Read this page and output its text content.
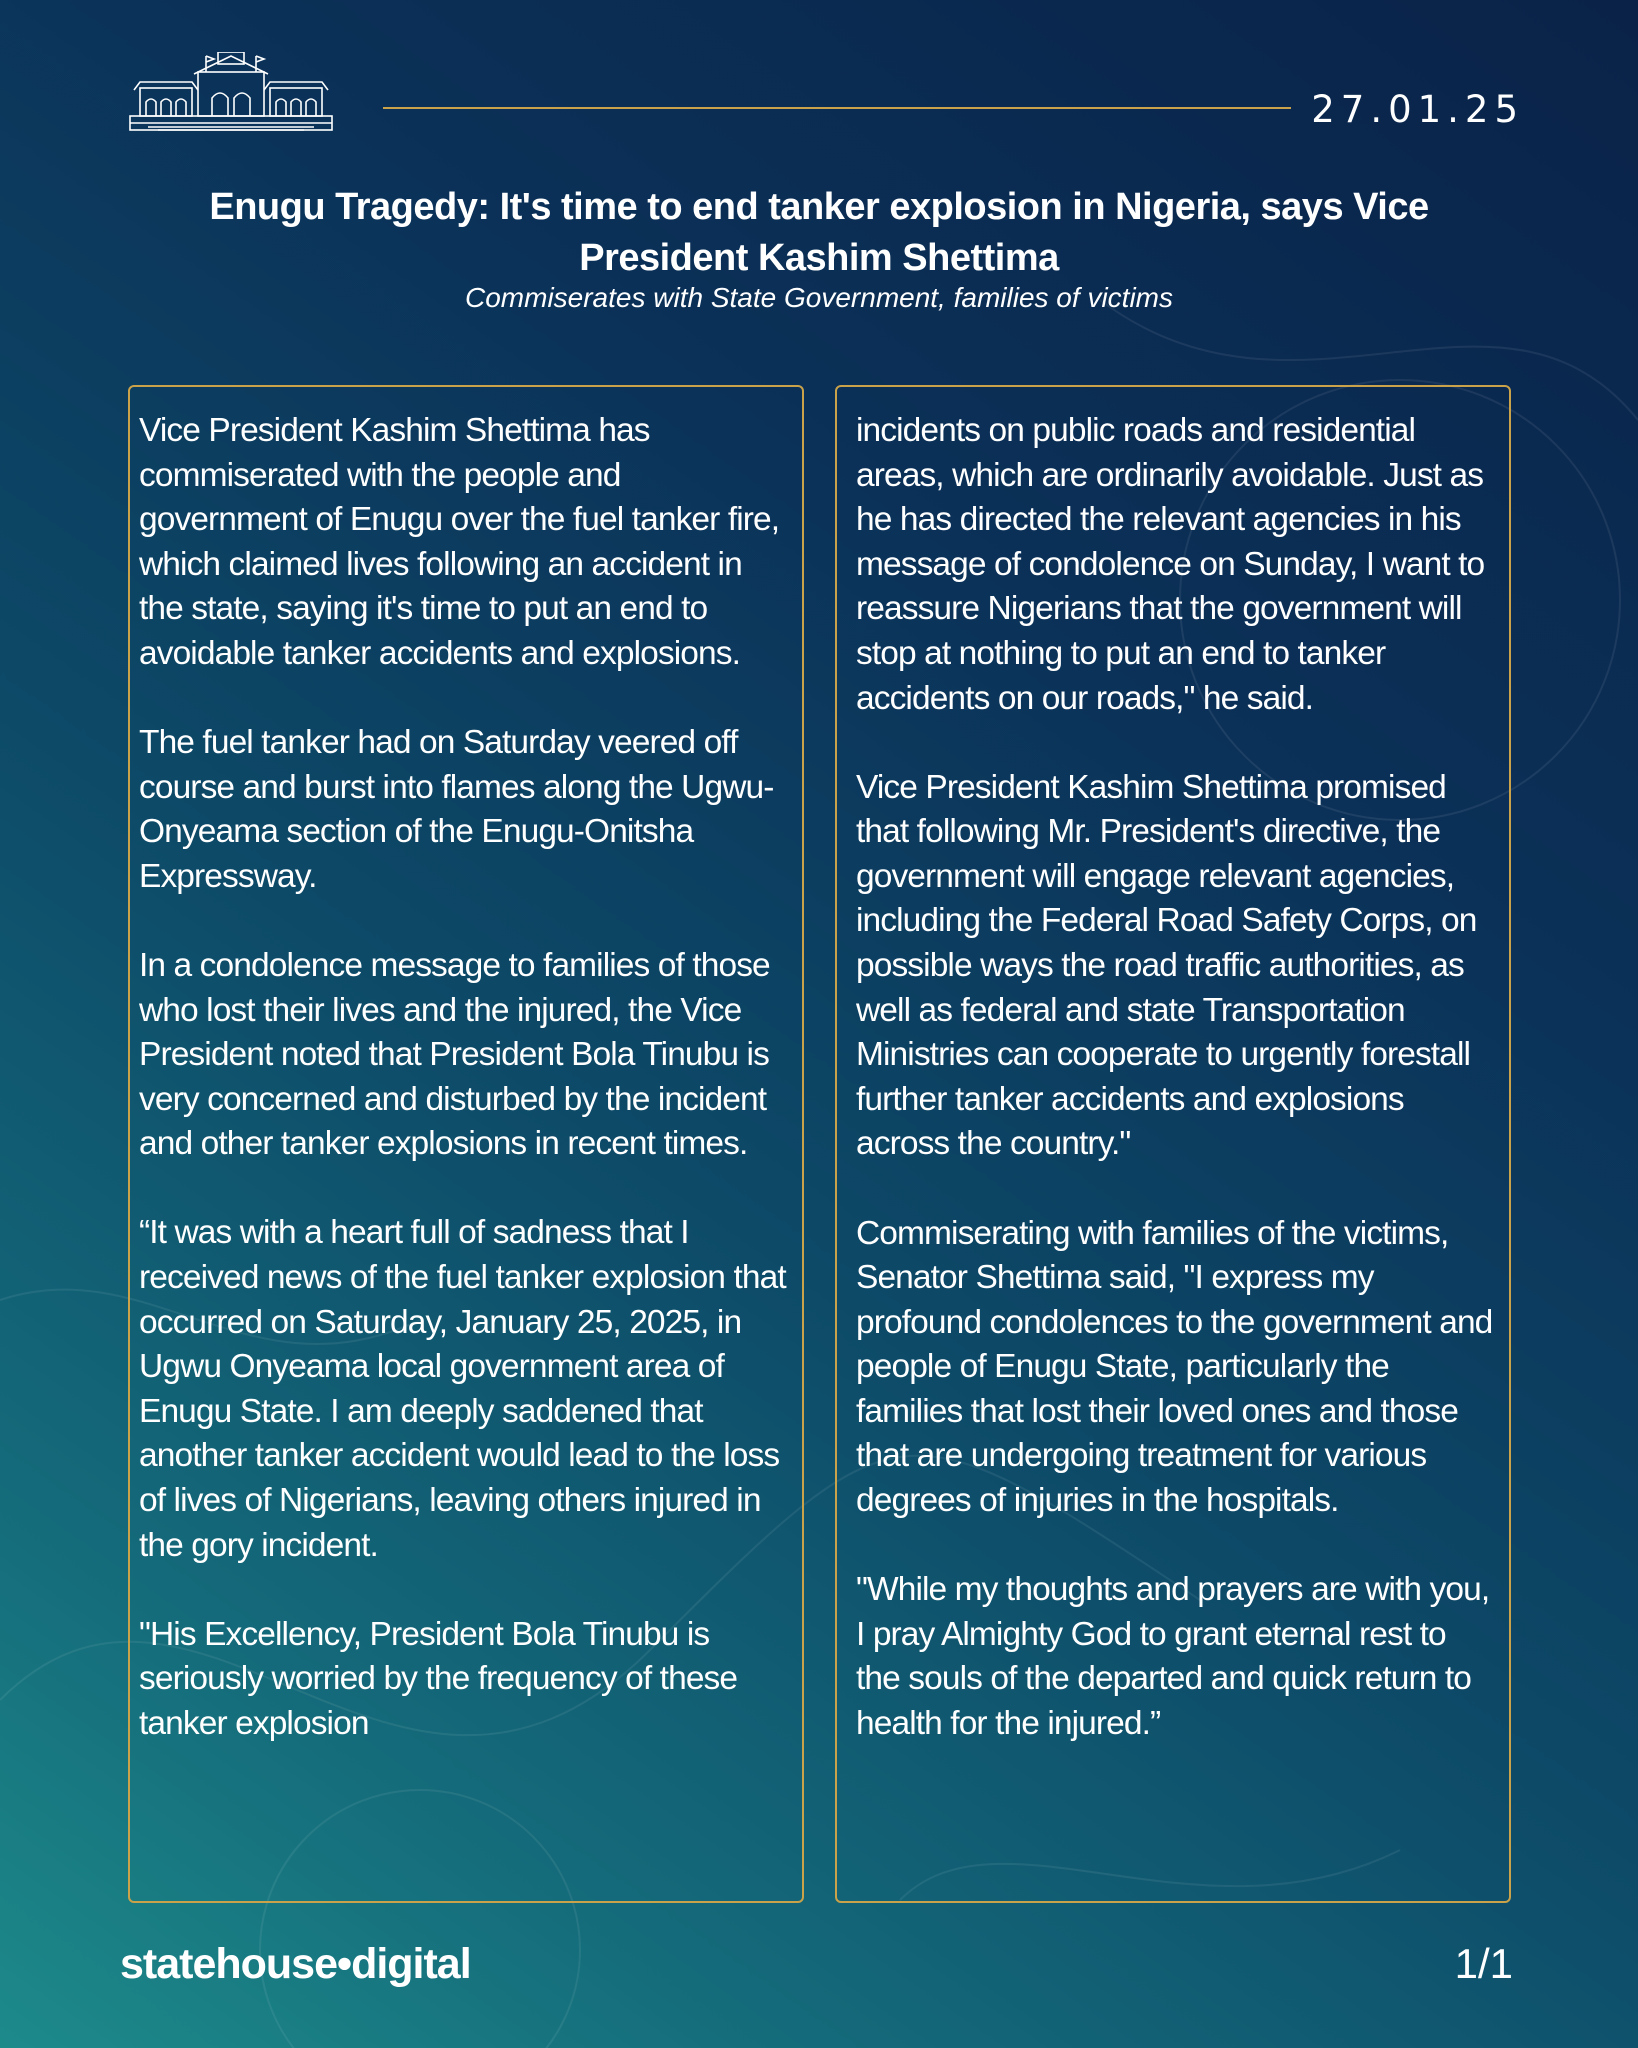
27.01.25
Enugu Tragedy: It's time to end tanker explosion in Nigeria, says Vice President Kashim Shettima
Commiserates with State Government, families of victims

Vice President Kashim Shettima has commiserated with the people and government of Enugu over the fuel tanker fire, which claimed lives following an accident in the state, saying it's time to put an end to avoidable tanker accidents and explosions.

The fuel tanker had on Saturday veered off course and burst into flames along the Ugwu-Onyeama section of the Enugu-Onitsha Expressway.

In a condolence message to families of those who lost their lives and the injured, the Vice President noted that President Bola Tinubu is very concerned and disturbed by the incident and other tanker explosions in recent times.

“It was with a heart full of sadness that I received news of the fuel tanker explosion that occurred on Saturday, January 25, 2025, in Ugwu Onyeama local government area of Enugu State. I am deeply saddened that another tanker accident would lead to the loss of lives of Nigerians, leaving others injured in the gory incident.

"His Excellency, President Bola Tinubu is seriously worried by the frequency of these tanker explosion

incidents on public roads and residential areas, which are ordinarily avoidable. Just as he has directed the relevant agencies in his message of condolence on Sunday, I want to reassure Nigerians that the government will stop at nothing to put an end to tanker accidents on our roads," he said.

Vice President Kashim Shettima promised that following Mr. President's directive, the government will engage relevant agencies, including the Federal Road Safety Corps, on possible ways the road traffic authorities, as well as federal and state Transportation Ministries can cooperate to urgently forestall further tanker accidents and explosions across the country."

Commiserating with families of the victims, Senator Shettima said, "I express my profound condolences to the government and people of Enugu State, particularly the families that lost their loved ones and those that are undergoing treatment for various degrees of injuries in the hospitals.

"While my thoughts and prayers are with you, I pray Almighty God to grant eternal rest to the souls of the departed and quick return to health for the injured.”

statehouse•digital	1/1
